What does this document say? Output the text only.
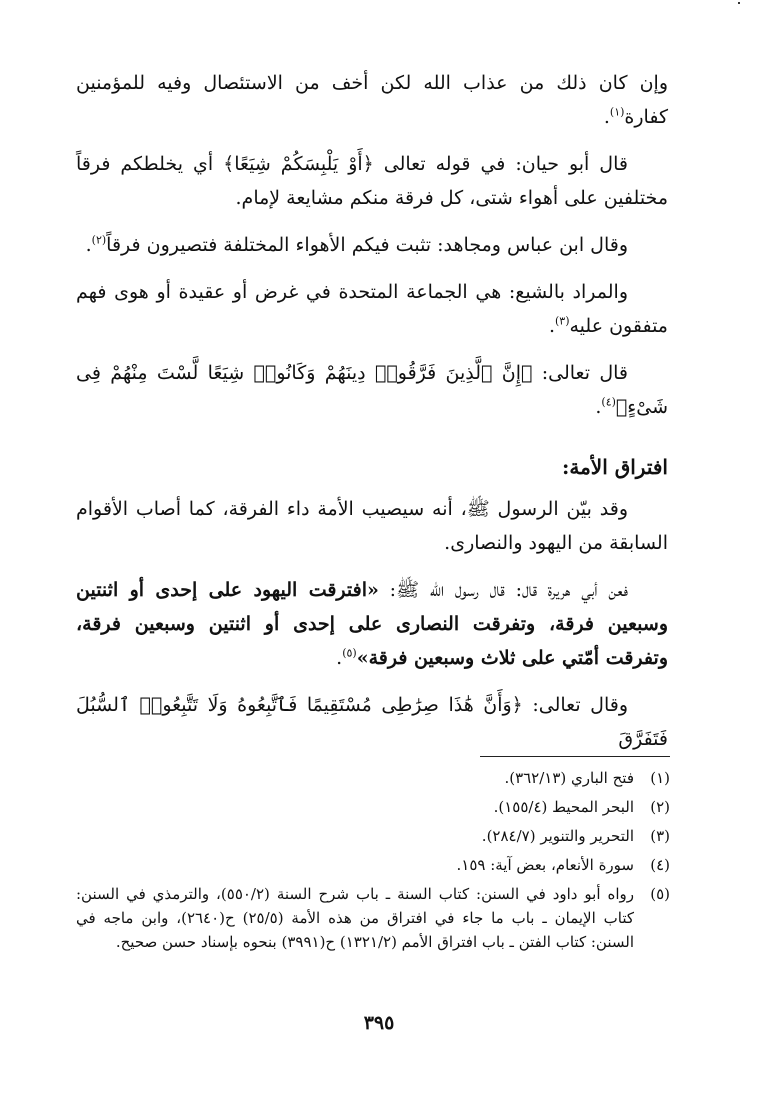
وإن كان ذلك من عذاب الله لكن أخف من الاستئصال وفيه للمؤمنين كفارة$^{(١)}$.

قال أبو حيان: في قوله تعالى ﴿أَوْ يَلْبِسَكُمْ شِيَعًا﴾ أي يخلطكم فرقاً مختلفين على أهواء شتى، كل فرقة منكم مشايعة لإمام.

وقال ابن عباس ومجاهد: تثبت فيكم الأهواء المختلفة فتصيرون فرقاً$^{(٢)}$.

والمراد بالشيع: هي الجماعة المتحدة في غرض أو عقيدة أو هوى فهم متفقون عليه$^{(٣)}$.

قال تعالى: ﴿إِنَّ ٱلَّذِينَ فَرَّقُوا۟ دِينَهُمْ وَكَانُوا۟ شِيَعًا لَّسْتَ مِنْهُمْ فِى شَىْءٍ﴾$^{(٤)}$.

افتراق الأمة:

وقد بيّن الرسول ﷺ، أنه سيصيب الأمة داء الفرقة، كما أصاب الأقوام السابقة من اليهود والنصارى.

فعن أبي هريرة قال: قال رسول الله ﷺ: «افترقت اليهود على إحدى أو اثنتين وسبعين فرقة، وتفرقت النصارى على إحدى أو اثنتين وسبعين فرقة، وتفرقت أمّتي على ثلاث وسبعين فرقة»$^{(٥)}$.

وقال تعالى: ﴿وَأَنَّ هَٰذَا صِرَٰطِى مُسْتَقِيمًا فَٱتَّبِعُوهُ وَلَا تَتَّبِعُوا۟ ٱلسُّبُلَ فَتَفَرَّقَ

(١)
فتح الباري (٣٦٢/١٣).
(٢)
البحر المحيط (١٥٥/٤).
(٣)
التحرير والتنوير (٢٨٤/٧).
(٤)
سورة الأنعام، بعض آية: ١٥٩.
(٥)
رواه أبو داود في السنن: كتاب السنة ـ باب شرح السنة (٥٥٠/٢)، والترمذي في السنن: كتاب الإيمان ـ باب ما جاء في افتراق من هذه الأمة (٢٥/٥) ح(٢٦٤٠)، وابن ماجه في السنن: كتاب الفتن ـ باب افتراق الأمم (١٣٢١/٢) ح(٣٩٩١) بنحوه بإسناد حسن صحيح.
٣٩٥
